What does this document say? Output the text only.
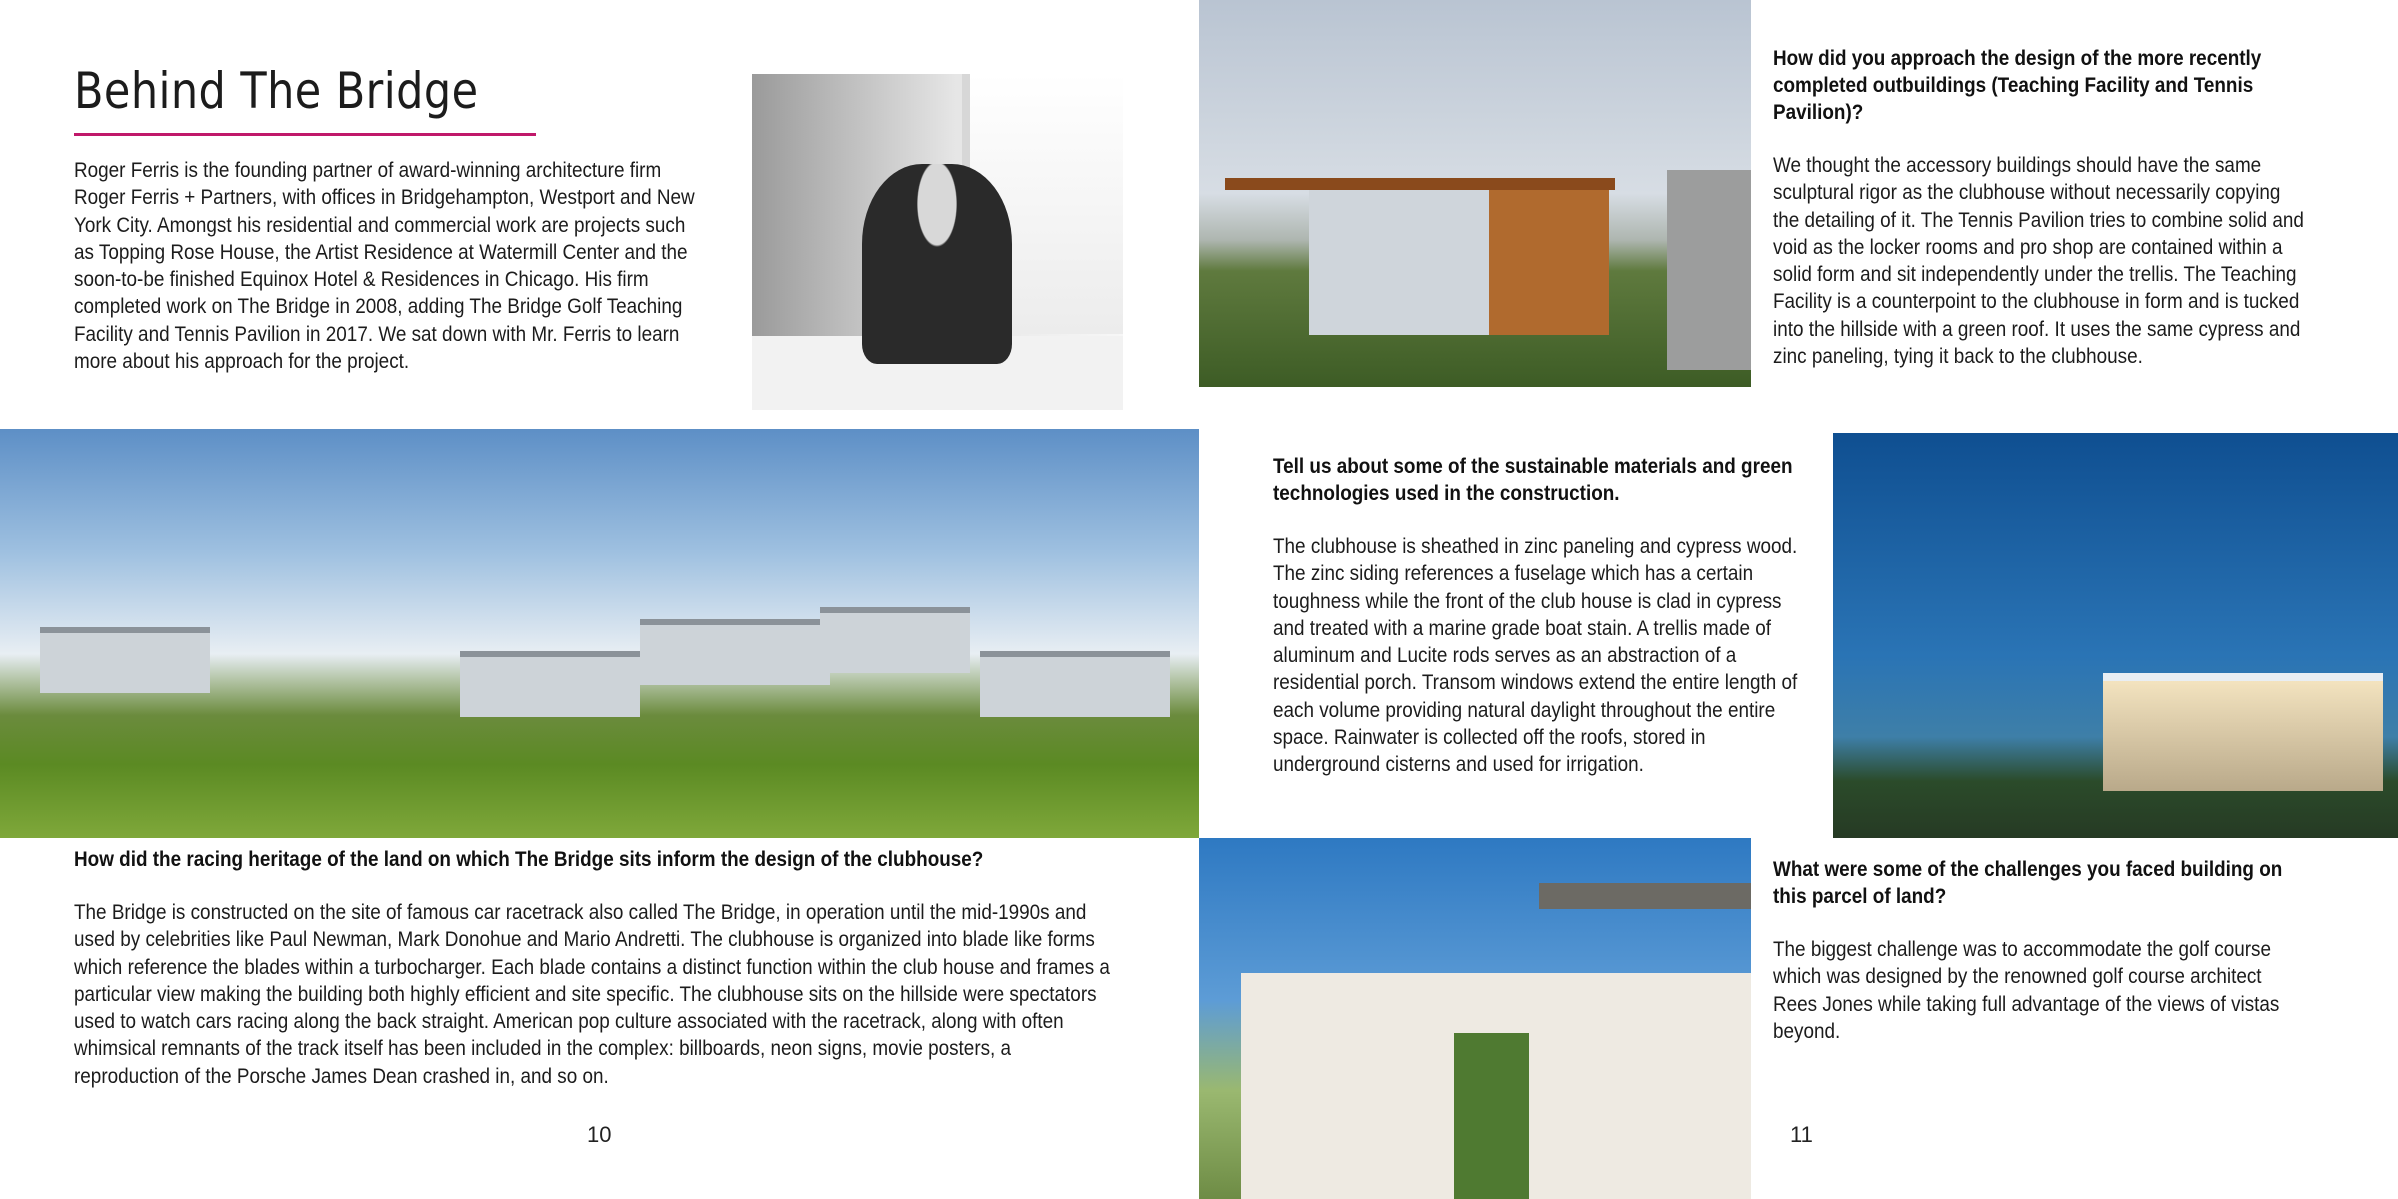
Behind The Bridge

Roger Ferris is the founding partner of award-winning architecture firm Roger Ferris + Partners, with offices in Bridgehampton, Westport and New York City. Amongst his residential and commercial work are projects such as Topping Rose House, the Artist Residence at Watermill Center and the soon-to-be finished Equinox Hotel & Residences in Chicago. His firm completed work on The Bridge in 2008, adding The Bridge Golf Teaching Facility and Tennis Pavilion in 2017. We sat down with Mr. Ferris to learn more about his approach for the project.

How did the racing heritage of the land on which The Bridge sits inform the design of the clubhouse?

The Bridge is constructed on the site of famous car racetrack also called The Bridge, in operation until the mid-1990s and used by celebrities like Paul Newman, Mark Donohue and Mario Andretti. The clubhouse is organized into blade like forms which reference the blades within a turbocharger. Each blade contains a distinct function within the club house and frames a particular view making the building both highly efficient and site specific. The clubhouse sits on the hillside were spectators used to watch cars racing along the back straight. American pop culture associated with the racetrack, along with often whimsical remnants of the track itself has been included in the complex: billboards, neon signs, movie posters, a reproduction of the Porsche James Dean crashed in, and so on.

10

How did you approach the design of the more recently completed outbuildings (Teaching Facility and Tennis Pavilion)?

We thought the accessory buildings should have the same sculptural rigor as the clubhouse without necessarily copying the detailing of it. The Tennis Pavilion tries to combine solid and void as the locker rooms and pro shop are contained within a solid form and sit independently under the trellis. The Teaching Facility is a counterpoint to the clubhouse in form and is tucked into the hillside with a green roof. It uses the same cypress and zinc paneling, tying it back to the clubhouse.

Tell us about some of the sustainable materials and green technologies used in the construction.

The clubhouse is sheathed in zinc paneling and cypress wood. The zinc siding references a fuselage which has a certain toughness while the front of the club house is clad in cypress and treated with a marine grade boat stain. A trellis made of aluminum and Lucite rods serves as an abstraction of a residential porch. Transom windows extend the entire length of each volume providing natural daylight throughout the entire space. Rainwater is collected off the roofs, stored in underground cisterns and used for irrigation.

What were some of the challenges you faced building on this parcel of land?

The biggest challenge was to accommodate the golf course which was designed by the renowned golf course architect Rees Jones while taking full advantage of the views of vistas beyond.

11
